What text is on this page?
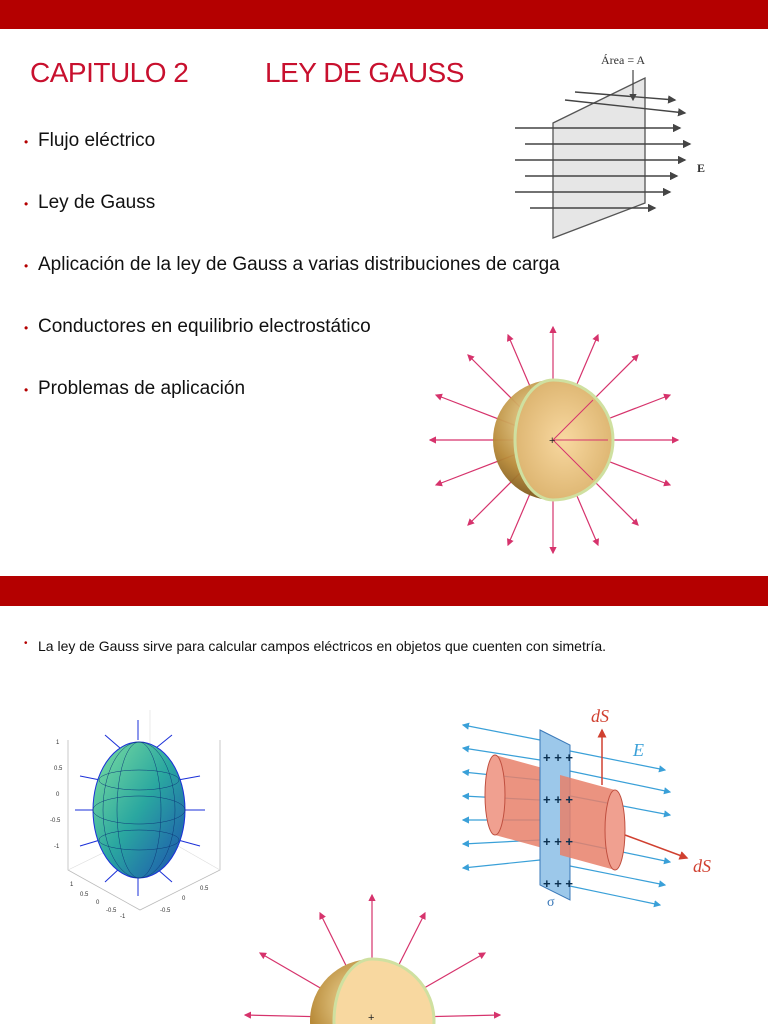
CAPITULO 2	LEY DE GAUSS
• Flujo eléctrico
• Ley de Gauss
• Aplicación de la ley de Gauss a varias distribuciones de carga
• Conductores en equilibrio electrostático
• Problemas de aplicación
Área = A
E
+
• La ley de Gauss sirve para calcular campos eléctricos en objetos que cuenten con simetría.
1
0.5
0
-0.5
-1
1
0.5
0
-0.5
-1
-0.5
0
0.5
+ + +
+ + +
+ + +
+ + +
dS
E
dS
σ
+
